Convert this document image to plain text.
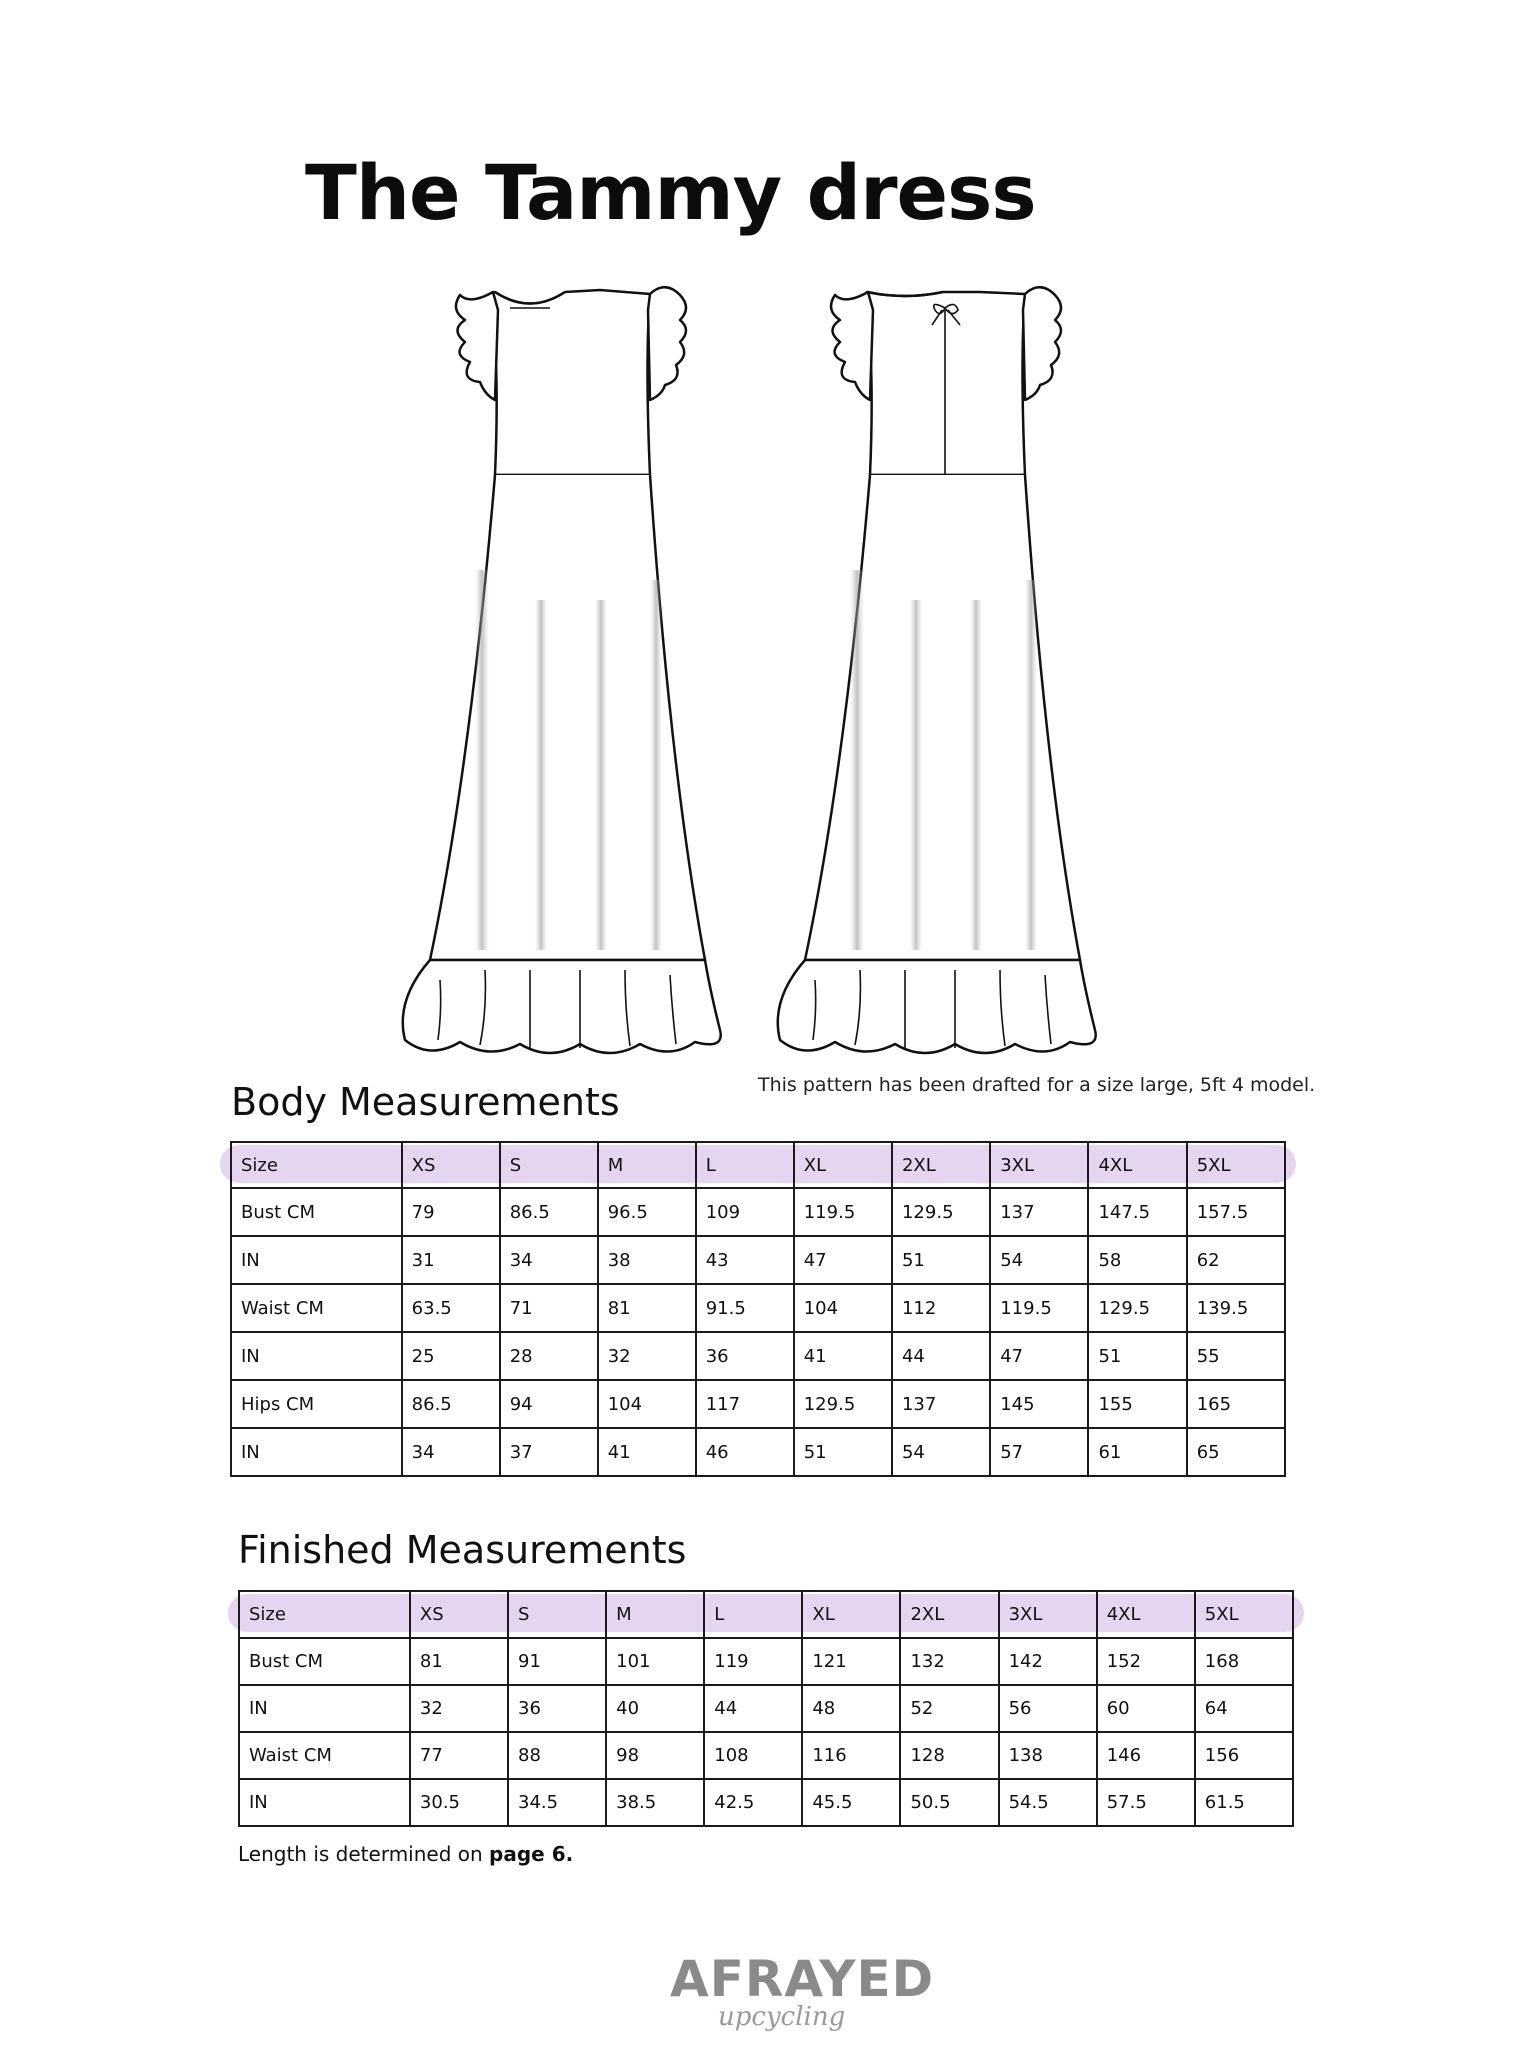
The Tammy dress

This pattern has been drafted for a size large, 5ft 4 model.

Body Measurements
Size	XS	S	M	L	XL	2XL	3XL	4XL	5XL
Bust CM	79	86.5	96.5	109	119.5	129.5	137	147.5	157.5
IN	31	34	38	43	47	51	54	58	62
Waist CM	63.5	71	81	91.5	104	112	119.5	129.5	139.5
IN	25	28	32	36	41	44	47	51	55
Hips CM	86.5	94	104	117	129.5	137	145	155	165
IN	34	37	41	46	51	54	57	61	65
Finished Measurements
Size	XS	S	M	L	XL	2XL	3XL	4XL	5XL
Bust CM	81	91	101	119	121	132	142	152	168
IN	32	36	40	44	48	52	56	60	64
Waist CM	77	88	98	108	116	128	138	146	156
IN	30.5	34.5	38.5	42.5	45.5	50.5	54.5	57.5	61.5

Length is determined on page 6.

AFRAYED

upcycling
